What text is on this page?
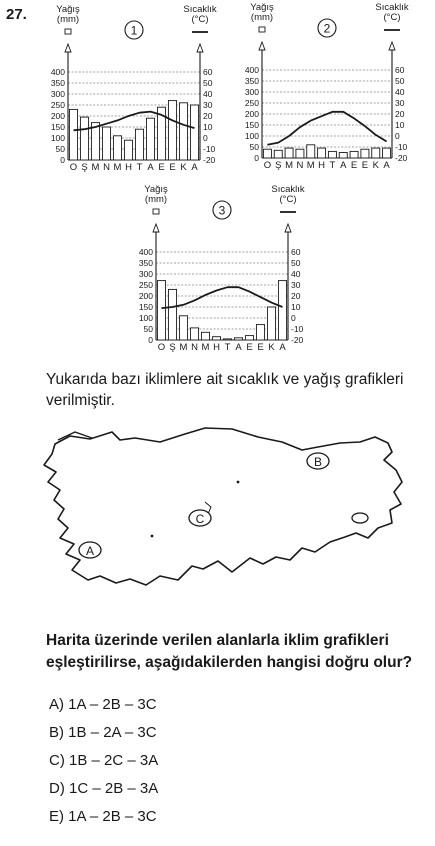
27.	Yağış
(mm)
Sıcaklık
(°C)
1
0
50
100
150
200
250
300
350
400	60
50
40
30
20
10
0
-10
-20
O Ş M N M H T A E E K A
Yağış
(mm)
Sıcaklık
(°C)
2
0
50
100
150
200
250
300
350
400	60
50
40
30
20
10
0
-10
-20
O Ş M N M H T A E E K A
Yağış
(mm)
Sıcaklık
(°C)
3
0
50
100
150
200
250
300
350
400	60
50
40
30
20
10
0
-10
-20
O Ş M N M H T A E E K A
Yukarıda bazı iklimlere ait sıcaklık ve yağış grafikleri verilmiştir.
B
C
A
Harita üzerinde verilen alanlarla iklim grafikleri eşleştirilirse, aşağıdakilerden hangisi doğru olur?
A) 1A – 2B – 3C
B) 1B – 2A – 3C
C) 1B – 2C – 3A
D) 1C – 2B – 3A
E) 1A – 2B – 3C
